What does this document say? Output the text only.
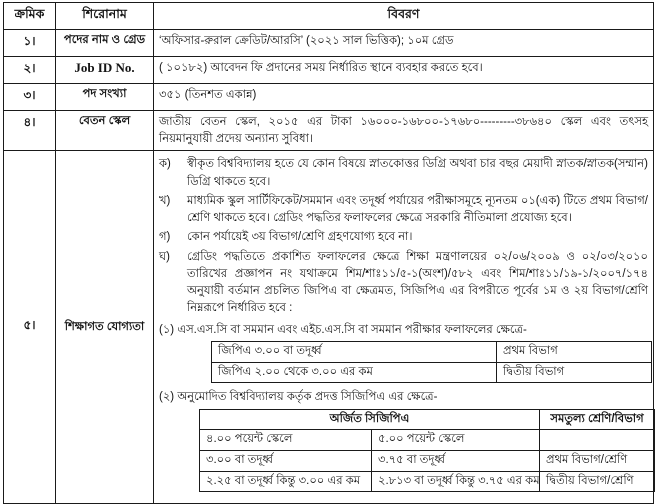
ক্রমিক	শিরোনাম	বিবরণ
১।	পদের নাম ও গ্রেড	‘অফিসার-রুরাল ক্রেডিট/আরসি’ (২০২১ সাল ভিত্তিক); ১০ম গ্রেড
২।	Job ID No.	( ১০১৮২) আবেদন ফি প্রদানের সময় নির্ধারিত স্থানে ব্যবহার করতে হবে।
৩।	পদ সংখ্যা	৩৫১ (তিনশত একান্ন)
৪।	বেতন স্কেল	জাতীয় বেতন স্কেল, ২০১৫ এর টাকা ১৬০০০-১৬৮০০-১৭৬৮০---------৩৮৬৪০ স্কেল এবং তৎসহ নিয়মানুযায়ী প্রদেয় অন্যান্য সুবিধা।
৫।	শিক্ষাগত যোগ্যতা	
ক)	স্বীকৃত বিশ্ববিদ্যালয় হতে যে কোন বিষয়ে স্নাতকোত্তর ডিগ্রি অথবা চার বছর মেয়াদী স্নাতক/স্নাতক(সম্মান) ডিগ্রি থাকতে হবে।
খ)	মাধ্যমিক স্কুল সার্টিফিকেট/সমমান এবং তদূর্ধ্ব পর্যায়ের পরীক্ষাসমূহে ন্যূনতম ০১(এক) টিতে প্রথম বিভাগ/ শ্রেণি থাকতে হবে। গ্রেডিং পদ্ধতির ফলাফলের ক্ষেত্রে সরকারি নীতিমালা প্রযোজ্য হবে।
গ)	কোন পর্যায়েই ৩য় বিভাগ/শ্রেণি গ্রহণযোগ্য হবে না।
ঘ)	গ্রেডিং পদ্ধতিতে প্রকাশিত ফলাফলের ক্ষেত্রে শিক্ষা মন্ত্রণালয়ের ০২/০৬/২০০৯ ও ০২/০৩/২০১০ তারিখের প্রজ্ঞাপন নং যথাক্রমে শিম/শাঃ১১/৫-১(অংশ)/৫৮২ এবং শিম/শাঃ১১/১৯-১/২০০৭/১৭৪ অনুযায়ী বর্তমান প্রচলিত জিপিএ বা ক্ষেত্রমত, সিজিপিএ এর বিপরীতে পূর্বের ১ম ও ২য় বিভাগ/শ্রেণি নিম্নরূপে নির্ধারিত হবে :
(১) এস.এস.সি বা সমমান এবং এইচ.এস.সি বা সমমান পরীক্ষার ফলাফলের ক্ষেত্রে-
জিপিএ ৩.০০ বা তদূর্ধ্ব	প্রথম বিভাগ
জিপিএ ২.০০ থেকে ৩.০০ এর কম	দ্বিতীয় বিভাগ
(২) অনুমোদিত বিশ্ববিদ্যালয় কর্তৃক প্রদত্ত সিজিপিএ এর ক্ষেত্রে-
অর্জিত সিজিপিএ	সমতুল্য শ্রেণি/বিভাগ
৪.০০ পয়েন্ট স্কেলে	৫.০০ পয়েন্ট স্কেলে	
৩.০০ বা তদূর্ধ্ব	৩.৭৫ বা তদূর্ধ্ব	প্রথম বিভাগ/শ্রেণি
২.২৫ বা তদূর্ধ্ব কিন্তু ৩.০০ এর কম	২.৮১৩ বা তদূর্ধ্ব কিন্তু ৩.৭৫ এর কম	দ্বিতীয় বিভাগ/শ্রেণি
